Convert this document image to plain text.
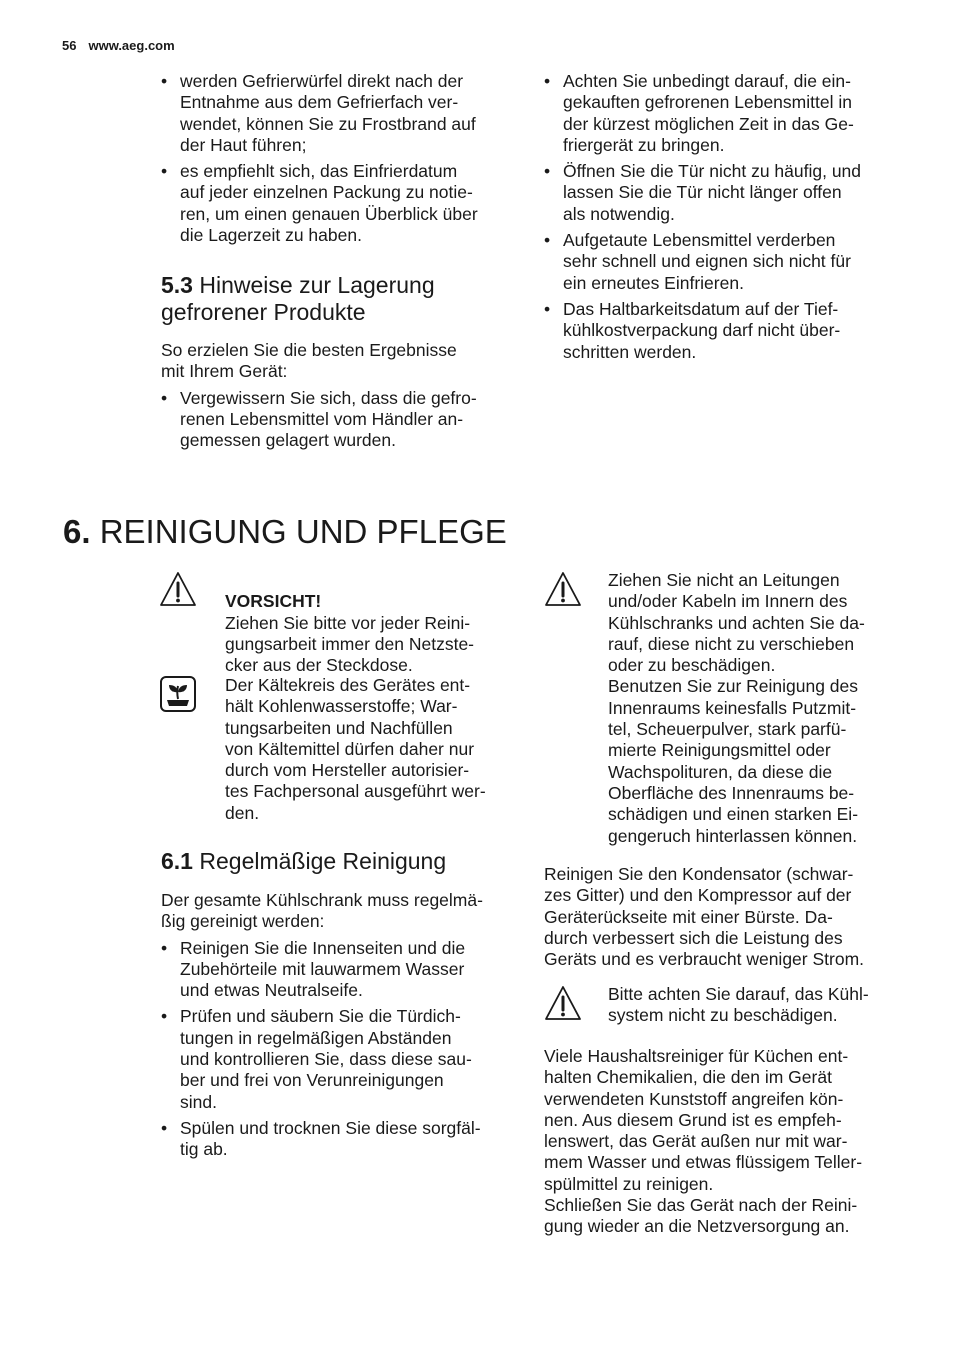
56 www.aeg.com
• werden Gefrierwürfel direkt nach der
Entnahme aus dem Gefrierfach ver-
wendet, können Sie zu Frostbrand auf
der Haut führen;
• es empfiehlt sich, das Einfrierdatum
auf jeder einzelnen Packung zu notie-
ren, um einen genauen Überblick über
die Lagerzeit zu haben.
5.3 Hinweise zur Lagerung
gefrorener Produkte

So erzielen Sie die besten Ergebnisse
mit Ihrem Gerät:

• Vergewissern Sie sich, dass die gefro-
renen Lebensmittel vom Händler an-
gemessen gelagert wurden.
• Achten Sie unbedingt darauf, die ein-
gekauften gefrorenen Lebensmittel in
der kürzest möglichen Zeit in das Ge-
friergerät zu bringen.
• Öffnen Sie die Tür nicht zu häufig, und
lassen Sie die Tür nicht länger offen
als notwendig.
• Aufgetaute Lebensmittel verderben
sehr schnell und eignen sich nicht für
ein erneutes Einfrieren.
• Das Haltbarkeitsdatum auf der Tief-
kühlkostverpackung darf nicht über-
schritten werden.
6. REINIGUNG UND PFLEGE

VORSICHT!
Ziehen Sie bitte vor jeder Reini-
gungsarbeit immer den Netzste-
cker aus der Steckdose.

Der Kältekreis des Gerätes ent-
hält Kohlenwasserstoffe; War-
tungsarbeiten und Nachfüllen
von Kältemittel dürfen daher nur
durch vom Hersteller autorisier-
tes Fachpersonal ausgeführt wer-
den.
6.1 Regelmäßige Reinigung

Der gesamte Kühlschrank muss regelmä-
ßig gereinigt werden:

• Reinigen Sie die Innenseiten und die
Zubehörteile mit lauwarmem Wasser
und etwas Neutralseife.
• Prüfen und säubern Sie die Türdich-
tungen in regelmäßigen Abständen
und kontrollieren Sie, dass diese sau-
ber und frei von Verunreinigungen
sind.
• Spülen und trocknen Sie diese sorgfäl-
tig ab.
Ziehen Sie nicht an Leitungen
und/oder Kabeln im Innern des
Kühlschranks und achten Sie da-
rauf, diese nicht zu verschieben
oder zu beschädigen.
Benutzen Sie zur Reinigung des
Innenraums keinesfalls Putzmit-
tel, Scheuerpulver, stark parfü-
mierte Reinigungsmittel oder
Wachspolituren, da diese die
Oberfläche des Innenraums be-
schädigen und einen starken Ei-
gengeruch hinterlassen können.

Reinigen Sie den Kondensator (schwar-
zes Gitter) und den Kompressor auf der
Geräterückseite mit einer Bürste. Da-
durch verbessert sich die Leistung des
Geräts und es verbraucht weniger Strom.

Bitte achten Sie darauf, das Kühl-
system nicht zu beschädigen.

Viele Haushaltsreiniger für Küchen ent-
halten Chemikalien, die den im Gerät
verwendeten Kunststoff angreifen kön-
nen. Aus diesem Grund ist es empfeh-
lenswert, das Gerät außen nur mit war-
mem Wasser und etwas flüssigem Teller-
spülmittel zu reinigen.
Schließen Sie das Gerät nach der Reini-
gung wieder an die Netzversorgung an.
